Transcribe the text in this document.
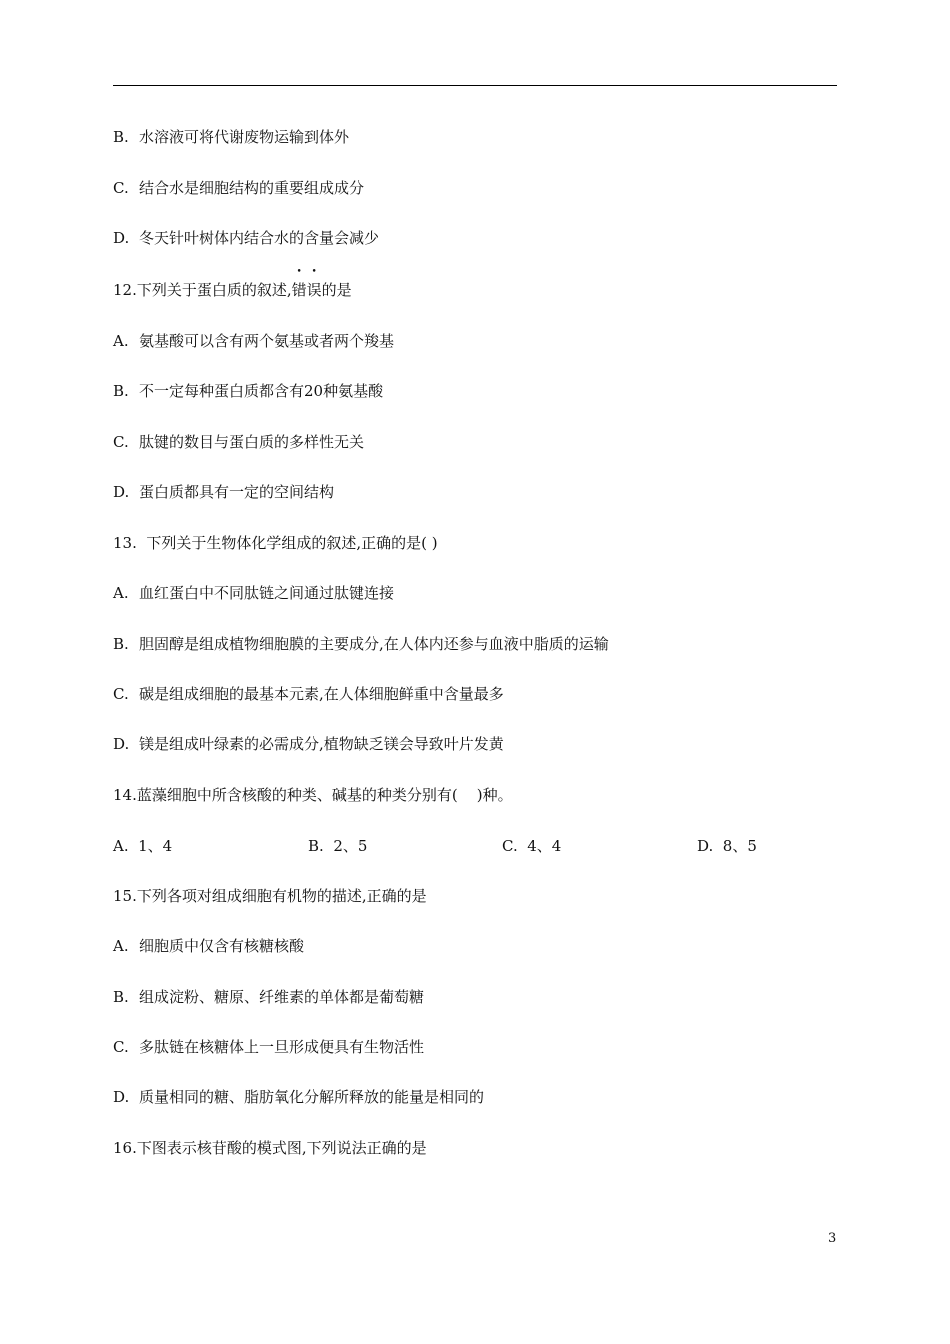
B. 水溶液可将代谢废物运输到体外
C. 结合水是细胞结构的重要组成成分
D. 冬天针叶树体内结合水的含量会减少
12.下列关于蛋白质的叙述,错误的是
A. 氨基酸可以含有两个氨基或者两个羧基
B. 不一定每种蛋白质都含有20种氨基酸
C. 肽键的数目与蛋白质的多样性无关
D. 蛋白质都具有一定的空间结构
13.  下列关于生物体化学组成的叙述,正确的是( )
A. 血红蛋白中不同肽链之间通过肽键连接
B. 胆固醇是组成植物细胞膜的主要成分,在人体内还参与血液中脂质的运输
C. 碳是组成细胞的最基本元素,在人体细胞鲜重中含量最多
D. 镁是组成叶绿素的必需成分,植物缺乏镁会导致叶片发黄
14.蓝藻细胞中所含核酸的种类、碱基的种类分别有(    )种。
A.  1、4	B.  2、5	C.  4、4	D.  8、5
15.下列各项对组成细胞有机物的描述,正确的是
A. 细胞质中仅含有核糖核酸
B. 组成淀粉、糖原、纤维素的单体都是葡萄糖
C. 多肽链在核糖体上一旦形成便具有生物活性
D. 质量相同的糖、脂肪氧化分解所释放的能量是相同的
16.下图表示核苷酸的模式图,下列说法正确的是
3
